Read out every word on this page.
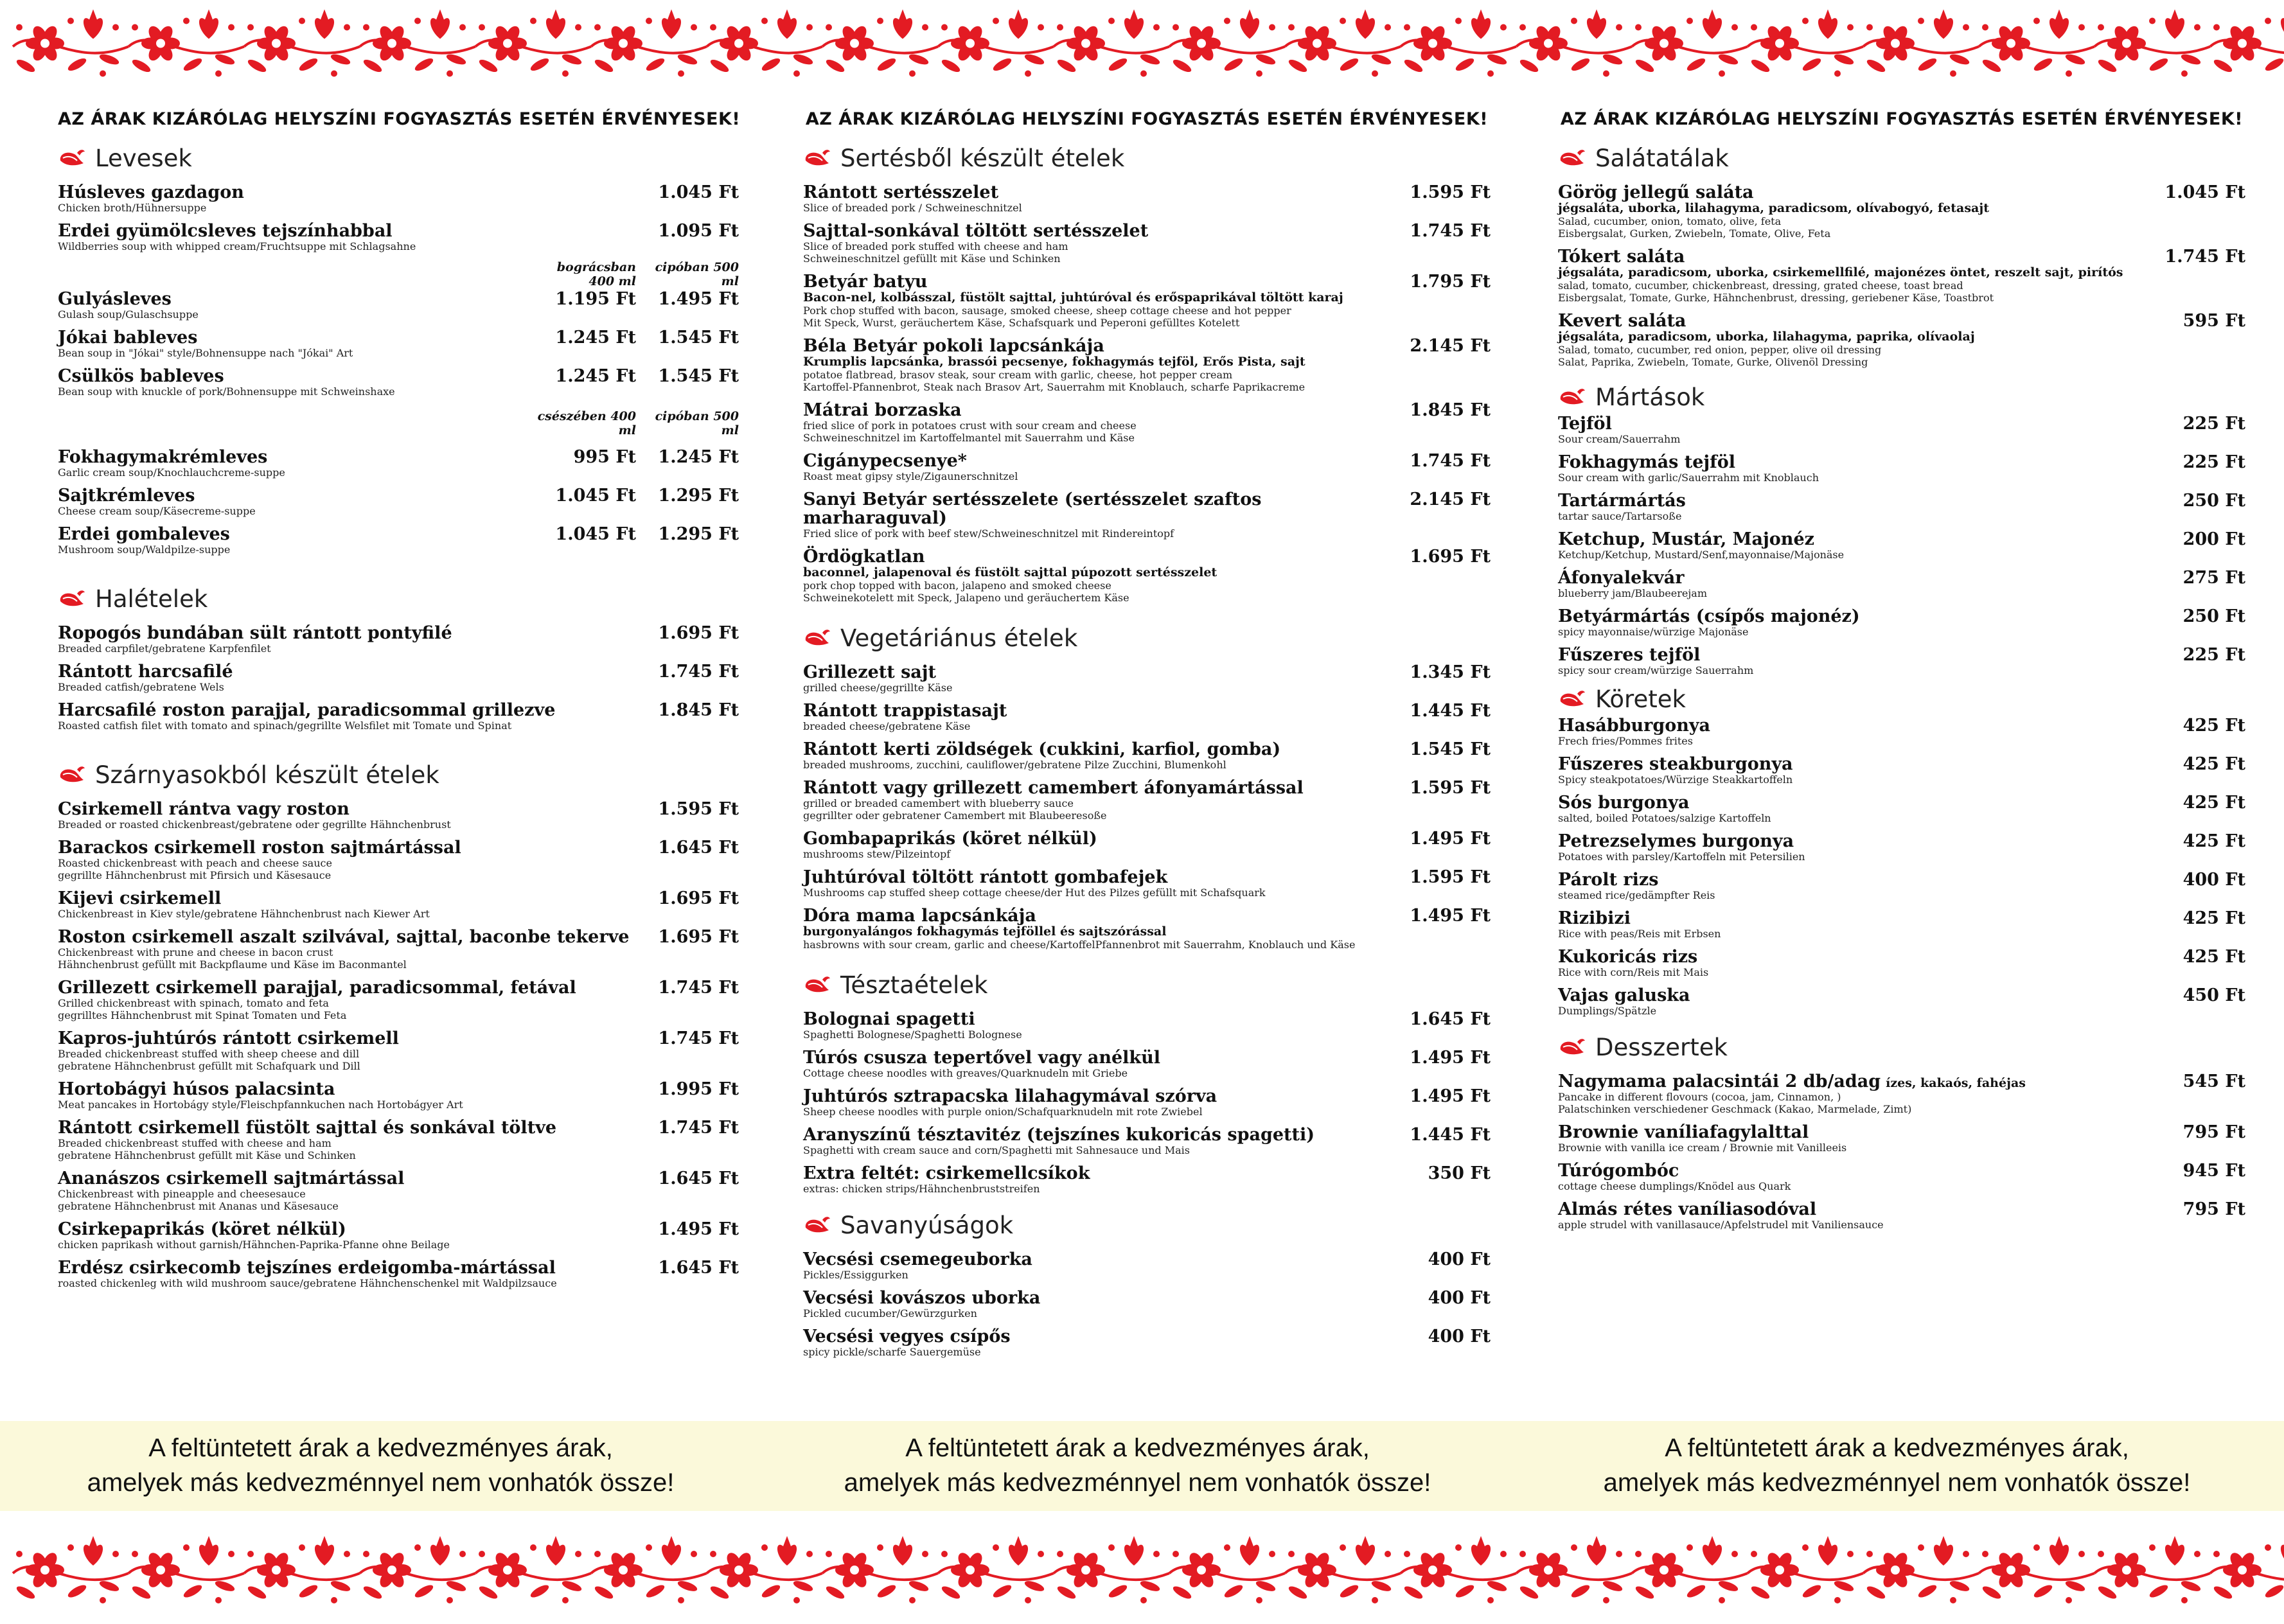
AZ ÁRAK KIZÁRÓLAG HELYSZÍNI FOGYASZTÁS ESETÉN ÉRVÉNYESEK!
Levesek
Húsleves gazdagon
Chicken broth/Hühnersuppe
1.045 Ft
Erdei gyümölcsleves tejszínhabbal
Wildberries soup with whipped cream/Fruchtsuppe mit Schlagsahne
1.095 Ft
bográcsban 400 ml
cipóban 500 ml
Gulyásleves
Gulash soup/Gulaschsuppe
1.195 Ft	1.495 Ft
Jókai bableves
Bean soup in "Jókai" style/Bohnensuppe nach "Jókai" Art
1.245 Ft	1.545 Ft
Csülkös bableves
Bean soup with knuckle of pork/Bohnensuppe mit Schweinshaxe
1.245 Ft	1.545 Ft
csészében 400 ml
cipóban 500 ml
Fokhagymakrémleves
Garlic cream soup/Knochlauchcreme-suppe
995 Ft	1.245 Ft
Sajtkrémleves
Cheese cream soup/Käsecreme-suppe
1.045 Ft	1.295 Ft
Erdei gombaleves
Mushroom soup/Waldpilze-suppe
1.045 Ft	1.295 Ft
Halételek
Ropogós bundában sült rántott pontyfilé
Breaded carpfilet/gebratene Karpfenfilet
1.695 Ft
Rántott harcsafilé
Breaded catfish/gebratene Wels
1.745 Ft
Harcsafilé roston parajjal, paradicsommal grillezve
Roasted catfish filet with tomato and spinach/gegrillte Welsfilet mit Tomate und Spinat
1.845 Ft
Szárnyasokból készült ételek
Csirkemell rántva vagy roston
Breaded or roasted chickenbreast/gebratene oder gegrillte Hähnchenbrust
1.595 Ft
Barackos csirkemell roston sajtmártással
Roasted chickenbreast with peach and cheese sauce
gegrillte Hähnchenbrust mit Pfirsich und Käsesauce
1.645 Ft
Kijevi csirkemell
Chickenbreast in Kiev style/gebratene Hähnchenbrust nach Kiewer Art
1.695 Ft
Roston csirkemell aszalt szilvával, sajttal, baconbe tekerve
Chickenbreast with prune and cheese in bacon crust
Hähnchenbrust gefüllt mit Backpflaume und Käse im Baconmantel
1.695 Ft
Grillezett csirkemell parajjal, paradicsommal, fetával
Grilled chickenbreast with spinach, tomato and feta
gegrilltes Hähnchenbrust mit Spinat Tomaten und Feta
1.745 Ft
Kapros-juhtúrós rántott csirkemell
Breaded chickenbreast stuffed with sheep cheese and dill
gebratene Hähnchenbrust gefüllt mit Schafquark und Dill
1.745 Ft
Hortobágyi húsos palacsinta
Meat pancakes in Hortobágy style/Fleischpfannkuchen nach Hortobágyer Art
1.995 Ft
Rántott csirkemell füstölt sajttal és sonkával töltve
Breaded chickenbreast stuffed with cheese and ham
gebratene Hähnchenbrust gefüllt mit Käse und Schinken
1.745 Ft
Ananászos csirkemell sajtmártással
Chickenbreast with pineapple and cheesesauce
gebratene Hähnchenbrust mit Ananas und Käsesauce
1.645 Ft
Csirkepaprikás (köret nélkül)
chicken paprikash without garnish/Hähnchen-Paprika-Pfanne ohne Beilage
1.495 Ft
Erdész csirkecomb tejszínes erdeigomba-mártással
roasted chickenleg with wild mushroom sauce/gebratene Hähnchenschenkel mit Waldpilzsauce
1.645 Ft
AZ ÁRAK KIZÁRÓLAG HELYSZÍNI FOGYASZTÁS ESETÉN ÉRVÉNYESEK!
Sertésből készült ételek
Rántott sertésszelet
Slice of breaded pork / Schweineschnitzel
1.595 Ft
Sajttal-sonkával töltött sertésszelet
Slice of breaded pork stuffed with cheese and ham
Schweineschnitzel gefüllt mit Käse und Schinken
1.745 Ft
Betyár batyu
Bacon-nel, kolbásszal, füstölt sajttal, juhtúróval és erőspaprikával töltött karaj
Pork chop stuffed with bacon, sausage, smoked cheese, sheep cottage cheese and hot pepper
Mit Speck, Wurst, geräuchertem Käse, Schafsquark und Peperoni gefülltes Kotelett
1.795 Ft
Béla Betyár pokoli lapcsánkája
Krumplis lapcsánka, brassói pecsenye, fokhagymás tejföl, Erős Pista, sajt
potatoe flatbread, brasov steak, sour cream with garlic, cheese, hot pepper cream
Kartoffel-Pfannenbrot, Steak nach Brasov Art, Sauerrahm mit Knoblauch, scharfe Paprikacreme
2.145 Ft
Mátrai borzaska
fried slice of pork in potatoes crust with sour cream and cheese
Schweineschnitzel im Kartoffelmantel mit Sauerrahm und Käse
1.845 Ft
Cigánypecsenye*
Roast meat gipsy style/Zigaunerschnitzel
1.745 Ft
Sanyi Betyár sertésszelete (sertésszelet szaftos marharaguval)
Fried slice of pork with beef stew/Schweineschnitzel mit Rindereintopf
2.145 Ft
Ördögkatlan
baconnel, jalapenoval és füstölt sajttal púpozott sertésszelet
pork chop topped with bacon, jalapeno and smoked cheese
Schweinekotelett mit Speck, Jalapeno und geräuchertem Käse
1.695 Ft
Vegetáriánus ételek
Grillezett sajt
grilled cheese/gegrillte Käse
1.345 Ft
Rántott trappistasajt
breaded cheese/gebratene Käse
1.445 Ft
Rántott kerti zöldségek (cukkini, karfiol, gomba)
breaded mushrooms, zucchini, cauliflower/gebratene Pilze Zucchini, Blumenkohl
1.545 Ft
Rántott vagy grillezett camembert áfonyamártással
grilled or breaded camembert with blueberry sauce
gegrillter oder gebratener Camembert mit Blaubeeresoße
1.595 Ft
Gombapaprikás (köret nélkül)
mushrooms stew/Pilzeintopf
1.495 Ft
Juhtúróval töltött rántott gombafejek
Mushrooms cap stuffed sheep cottage cheese/der Hut des Pilzes gefüllt mit Schafsquark
1.595 Ft
Dóra mama lapcsánkája
burgonyalángos fokhagymás tejföllel és sajtszórással
hasbrowns with sour cream, garlic and cheese/KartoffelPfannenbrot mit Sauerrahm, Knoblauch und Käse
1.495 Ft
Tésztaételek
Bolognai spagetti
Spaghetti Bolognese/Spaghetti Bolognese
1.645 Ft
Túrós csusza tepertővel vagy anélkül
Cottage cheese noodles with greaves/Quarknudeln mit Griebe
1.495 Ft
Juhtúrós sztrapacska lilahagymával szórva
Sheep cheese noodles with purple onion/Schafquarknudeln mit rote Zwiebel
1.495 Ft
Aranyszínű tésztavitéz (tejszínes kukoricás spagetti)
Spaghetti with cream sauce and corn/Spaghetti mit Sahnesauce und Mais
1.445 Ft
Extra feltét: csirkemellcsíkok
extras: chicken strips/Hähnchenbruststreifen
350 Ft
Savanyúságok
Vecsési csemegeuborka
Pickles/Essiggurken
400 Ft
Vecsési kovászos uborka
Pickled cucumber/Gewürzgurken
400 Ft
Vecsési vegyes csípős
spicy pickle/scharfe Sauergemüse
400 Ft
AZ ÁRAK KIZÁRÓLAG HELYSZÍNI FOGYASZTÁS ESETÉN ÉRVÉNYESEK!
Salátatálak
Görög jellegű saláta
jégsaláta, uborka, lilahagyma, paradicsom, olívabogyó, fetasajt
Salad, cucumber, onion, tomato, olive, feta
Eisbergsalat, Gurken, Zwiebeln, Tomate, Olive, Feta
1.045 Ft
Tókert saláta
jégsaláta, paradicsom, uborka, csirkemellfilé, majonézes öntet, reszelt sajt, pirítós
salad, tomato, cucumber, chickenbreast, dressing, grated cheese, toast bread
Eisbergsalat, Tomate, Gurke, Hähnchenbrust, dressing, geriebener Käse, Toastbrot
1.745 Ft
Kevert saláta
jégsaláta, paradicsom, uborka, lilahagyma, paprika, olívaolaj
Salad, tomato, cucumber, red onion, pepper, olive oil dressing
Salat, Paprika, Zwiebeln, Tomate, Gurke, Olivenöl Dressing
595 Ft
Mártások
Tejföl
Sour cream/Sauerrahm
225 Ft
Fokhagymás tejföl
Sour cream with garlic/Sauerrahm mit Knoblauch
225 Ft
Tartármártás
tartar sauce/Tartarsoße
250 Ft
Ketchup, Mustár, Majonéz
Ketchup/Ketchup, Mustard/Senf,mayonnaise/Majonäse
200 Ft
Áfonyalekvár
blueberry jam/Blaubeerejam
275 Ft
Betyármártás (csípős majonéz)
spicy mayonnaise/würzige Majonäse
250 Ft
Fűszeres tejföl
spicy sour cream/würzige Sauerrahm
225 Ft
Köretek
Hasábburgonya
Frech fries/Pommes frites
425 Ft
Fűszeres steakburgonya
Spicy steakpotatoes/Würzige Steakkartoffeln
425 Ft
Sós burgonya
salted, boiled Potatoes/salzige Kartoffeln
425 Ft
Petrezselymes burgonya
Potatoes with parsley/Kartoffeln mit Petersilien
425 Ft
Párolt rizs
steamed rice/gedämpfter Reis
400 Ft
Rizibizi
Rice with peas/Reis mit Erbsen
425 Ft
Kukoricás rizs
Rice with corn/Reis mit Mais
425 Ft
Vajas galuska
Dumplings/Spätzle
450 Ft
Desszertek
Nagymama palacsintái 2 db/adag ízes, kakaós, fahéjas
Pancake in different flovours (cocoa, jam, Cinnamon, )
Palatschinken verschiedener Geschmack (Kakao, Marmelade, Zimt)
545 Ft
Brownie vaníliafagylalttal
Brownie with vanilla ice cream / Brownie mit Vanilleeis
795 Ft
Túrógombóc
cottage cheese dumplings/Knödel aus Quark
945 Ft
Almás rétes vaníliasodóval
apple strudel with vanillasauce/Apfelstrudel mit Vaniliensauce
795 Ft
A feltüntetett árak a kedvezményes árak,
amelyek más kedvezménnyel nem vonhatók össze!
A feltüntetett árak a kedvezményes árak,
amelyek más kedvezménnyel nem vonhatók össze!
A feltüntetett árak a kedvezményes árak,
amelyek más kedvezménnyel nem vonhatók össze!
